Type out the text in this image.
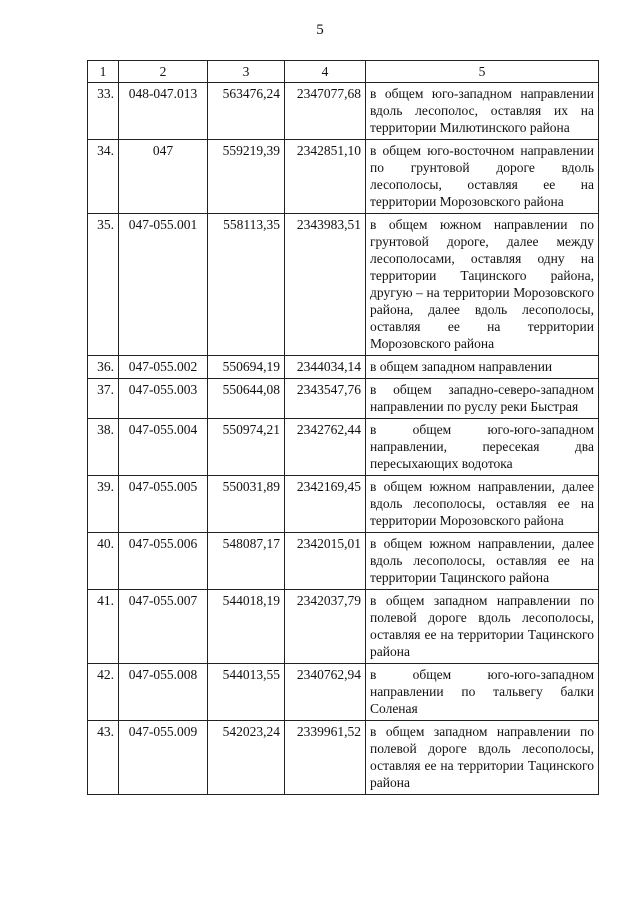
5
1	2	3	4	5
33.	048-047.013	563476,24	2347077,68	в общем юго-западном направлении вдоль лесополос, оставляя их на территории Милютинского района
34.	047	559219,39	2342851,10	в общем юго-восточном направлении по грунтовой дороге вдоль лесополосы, оставляя ее на территории Морозовского района
35.	047-055.001	558113,35	2343983,51	в общем южном направлении по грунтовой дороге, далее между лесополосами, оставляя одну на территории Тацинского района, другую – на территории Морозовского района, далее вдоль лесополосы, оставляя ее на территории Морозовского района
36.	047-055.002	550694,19	2344034,14	в общем западном направлении
37.	047-055.003	550644,08	2343547,76	в общем западно-северо-западном направлении по руслу реки Быстрая
38.	047-055.004	550974,21	2342762,44	в общем юго-юго-западном направлении, пересекая два пересыхающих водотока
39.	047-055.005	550031,89	2342169,45	в общем южном направлении, далее вдоль лесополосы, оставляя ее на территории Морозовского района
40.	047-055.006	548087,17	2342015,01	в общем южном направлении, далее вдоль лесополосы, оставляя ее на территории Тацинского района
41.	047-055.007	544018,19	2342037,79	в общем западном направлении по полевой дороге вдоль лесополосы, оставляя ее на территории Тацинского района
42.	047-055.008	544013,55	2340762,94	в общем юго-юго-западном направлении по тальвегу балки Соленая
43.	047-055.009	542023,24	2339961,52	в общем западном направлении по полевой дороге вдоль лесополосы, оставляя ее на территории Тацинского района
